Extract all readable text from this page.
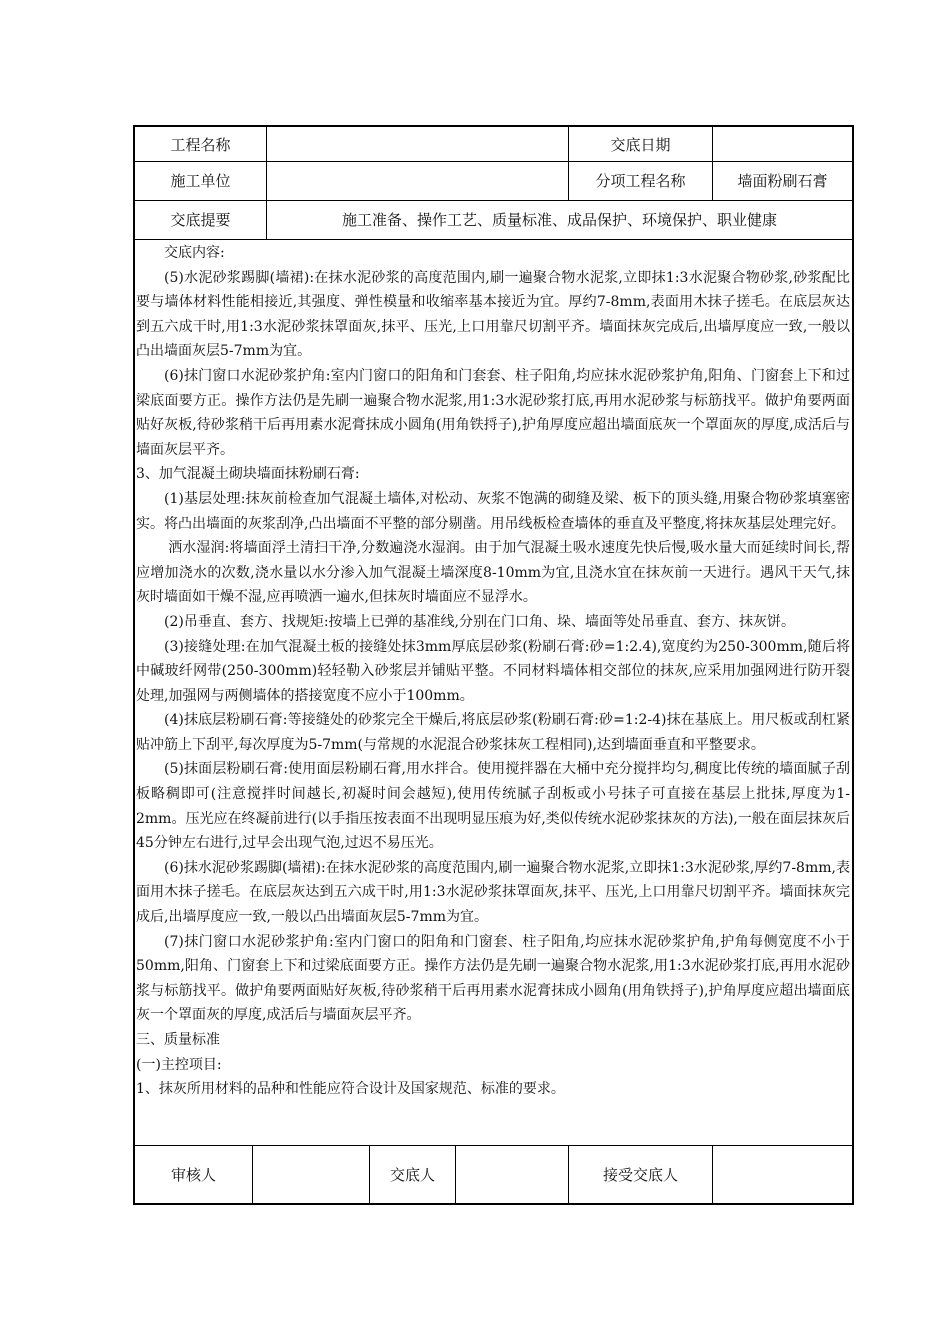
工程名称	交底日期
施工单位	分项工程名称	墙面粉刷石膏
交底提要	施工准备、操作工艺、质量标准、成品保护、环境保护、职业健康

交底内容:

(5)水泥砂浆踢脚(墙裙):在抹水泥砂浆的高度范围内,刷一遍聚合物水泥浆,立即抹1:3水泥聚合物砂浆,砂浆配比要与墙体材料性能相接近,其强度、弹性模量和收缩率基本接近为宜。厚约7-8mm,表面用木抹子搓毛。在底层灰达到五六成干时,用1:3水泥砂浆抹罩面灰,抹平、压光,上口用靠尺切割平齐。墙面抹灰完成后,出墙厚度应一致,一般以凸出墙面灰层5-7mm为宜。

(6)抹门窗口水泥砂浆护角:室内门窗口的阳角和门套套、柱子阳角,均应抹水泥砂浆护角,阳角、门窗套上下和过梁底面要方正。操作方法仍是先刷一遍聚合物水泥浆,用1:3水泥砂浆打底,再用水泥砂浆与标筋找平。做护角要两面贴好灰板,待砂浆稍干后再用素水泥膏抹成小圆角(用角铁捋子),护角厚度应超出墙面底灰一个罩面灰的厚度,成活后与墙面灰层平齐。

3、加气混凝土砌块墙面抹粉刷石膏:

(1)基层处理:抹灰前检查加气混凝土墙体,对松动、灰浆不饱满的砌缝及梁、板下的顶头缝,用聚合物砂浆填塞密实。将凸出墙面的灰浆刮净,凸出墙面不平整的部分剔凿。用吊线板检查墙体的垂直及平整度,将抹灰基层处理完好。

洒水湿润:将墙面浮土清扫干净,分数遍浇水湿润。由于加气混凝土吸水速度先快后慢,吸水量大而延续时间长,帮应增加浇水的次数,浇水量以水分渗入加气混凝土墙深度8-10mm为宜,且浇水宜在抹灰前一天进行。遇风干天气,抹灰时墙面如干燥不湿,应再喷洒一遍水,但抹灰时墙面应不显浮水。

(2)吊垂直、套方、找规矩:按墙上已弹的基准线,分别在门口角、垛、墙面等处吊垂直、套方、抹灰饼。

(3)接缝处理:在加气混凝土板的接缝处抹3mm厚底层砂浆(粉刷石膏:砂=1:2.4),宽度约为250-300mm,随后将中碱玻纤网带(250-300mm)轻轻勒入砂浆层并铺贴平整。不同材料墙体相交部位的抹灰,应采用加强网进行防开裂处理,加强网与两侧墙体的搭接宽度不应小于100mm。

(4)抹底层粉刷石膏:等接缝处的砂浆完全干燥后,将底层砂浆(粉刷石膏:砂=1:2-4)抹在基底上。用尺板或刮杠紧贴冲筋上下刮平,每次厚度为5-7mm(与常规的水泥混合砂浆抹灰工程相同),达到墙面垂直和平整要求。

(5)抹面层粉刷石膏:使用面层粉刷石膏,用水拌合。使用搅拌器在大桶中充分搅拌均匀,稠度比传统的墙面腻子刮板略稠即可(注意搅拌时间越长,初凝时间会越短),使用传统腻子刮板或小号抹子可直接在基层上批抹,厚度为1-2mm。压光应在终凝前进行(以手指压按表面不出现明显压痕为好,类似传统水泥砂浆抹灰的方法),一般在面层抹灰后45分钟左右进行,过早会出现气泡,过迟不易压光。

(6)抹水泥砂浆踢脚(墙裙):在抹水泥砂浆的高度范围内,刷一遍聚合物水泥浆,立即抹1:3水泥砂浆,厚约7-8mm,表面用木抹子搓毛。在底层灰达到五六成干时,用1:3水泥砂浆抹罩面灰,抹平、压光,上口用靠尺切割平齐。墙面抹灰完成后,出墙厚度应一致,一般以凸出墙面灰层5-7mm为宜。

(7)抹门窗口水泥砂浆护角:室内门窗口的阳角和门窗套、柱子阳角,均应抹水泥砂浆护角,护角每侧宽度不小于50mm,阳角、门窗套上下和过梁底面要方正。操作方法仍是先刷一遍聚合物水泥浆,用1:3水泥砂浆打底,再用水泥砂浆与标筋找平。做护角要两面贴好灰板,待砂浆稍干后再用素水泥膏抹成小圆角(用角铁捋子),护角厚度应超出墙面底灰一个罩面灰的厚度,成活后与墙面灰层平齐。

三、质量标准

(一)主控项目:

1、抹灰所用材料的品种和性能应符合设计及国家规范、标准的要求。

审核人	交底人	接受交底人
